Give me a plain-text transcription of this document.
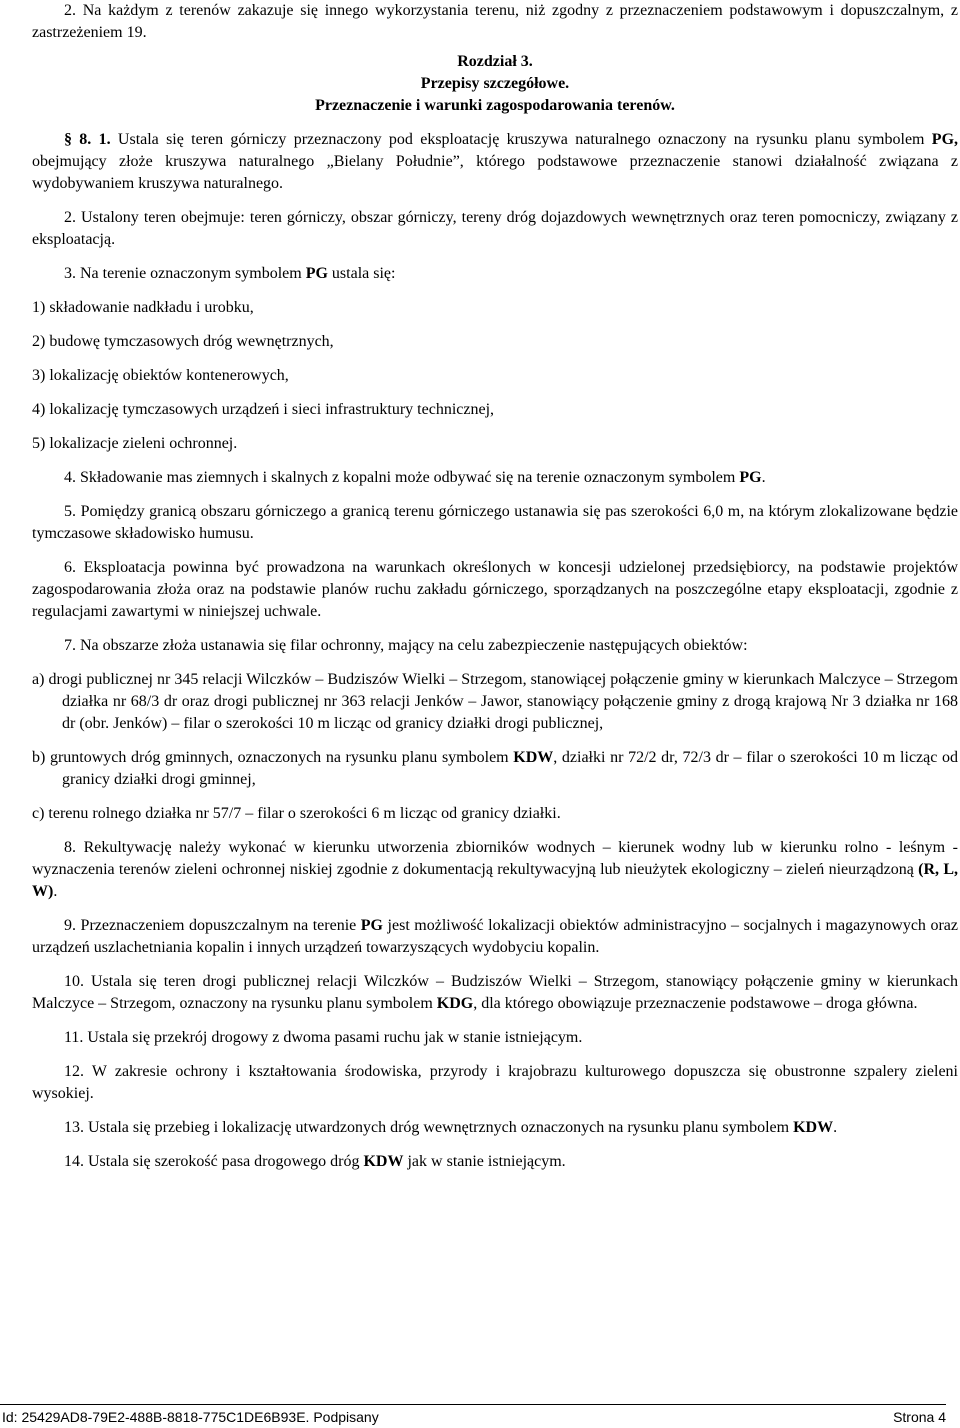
2. Na każdym z terenów zakazuje się innego wykorzystania terenu, niż zgodny z przeznaczeniem podstawowym i dopuszczalnym, z zastrzeżeniem 19.

Rozdział 3.

Przepisy szczegółowe.

Przeznaczenie i warunki zagospodarowania terenów.

§ 8. 1. Ustala się teren górniczy przeznaczony pod eksploatację kruszywa naturalnego oznaczony na rysunku planu symbolem PG, obejmujący złoże kruszywa naturalnego „Bielany Południe”, którego podstawowe przeznaczenie stanowi działalność związana z wydobywaniem kruszywa naturalnego.

2. Ustalony teren obejmuje: teren górniczy, obszar górniczy, tereny dróg dojazdowych wewnętrznych oraz teren pomocniczy, związany z eksploatacją.

3. Na terenie oznaczonym symbolem PG ustala się:

1) składowanie nadkładu i urobku,

2) budowę tymczasowych dróg wewnętrznych,

3) lokalizację obiektów kontenerowych,

4) lokalizację tymczasowych urządzeń i sieci infrastruktury technicznej,

5) lokalizacje zieleni ochronnej.

4. Składowanie mas ziemnych i skalnych z kopalni może odbywać się na terenie oznaczonym symbolem PG.

5. Pomiędzy granicą obszaru górniczego a granicą terenu górniczego ustanawia się pas szerokości 6,0 m, na którym zlokalizowane będzie tymczasowe składowisko humusu.

6. Eksploatacja powinna być prowadzona na warunkach określonych w koncesji udzielonej przedsiębiorcy, na podstawie projektów zagospodarowania złoża oraz na podstawie planów ruchu zakładu górniczego, sporządzanych na poszczególne etapy eksploatacji, zgodnie z regulacjami zawartymi w niniejszej uchwale.

7. Na obszarze złoża ustanawia się filar ochronny, mający na celu zabezpieczenie następujących obiektów:

a) drogi publicznej nr 345 relacji Wilczków – Budziszów Wielki – Strzegom, stanowiącej połączenie gminy w kierunkach Malczyce – Strzegom działka nr 68/3 dr oraz drogi publicznej nr 363 relacji Jenków – Jawor, stanowiący połączenie gminy z drogą krajową Nr 3 działka nr 168 dr (obr. Jenków) – filar o szerokości 10 m licząc od granicy działki drogi publicznej,

b) gruntowych dróg gminnych, oznaczonych na rysunku planu symbolem KDW, działki nr 72/2 dr, 72/3 dr – filar o szerokości 10 m licząc od granicy działki drogi gminnej,

c) terenu rolnego działka nr 57/7 – filar o szerokości 6 m licząc od granicy działki.

8. Rekultywację należy wykonać w kierunku utworzenia zbiorników wodnych – kierunek wodny lub w kierunku rolno - leśnym - wyznaczenia terenów zieleni ochronnej niskiej zgodnie z dokumentacją rekultywacyjną lub nieużytek ekologiczny – zieleń nieurządzoną (R, L, W).

9. Przeznaczeniem dopuszczalnym na terenie PG jest możliwość lokalizacji obiektów administracyjno – socjalnych i magazynowych oraz urządzeń uszlachetniania kopalin i innych urządzeń towarzyszących wydobyciu kopalin.

10. Ustala się teren drogi publicznej relacji Wilczków – Budziszów Wielki – Strzegom, stanowiący połączenie gminy w kierunkach Malczyce – Strzegom, oznaczony na rysunku planu symbolem KDG, dla którego obowiązuje przeznaczenie podstawowe – droga główna.

11. Ustala się przekrój drogowy z dwoma pasami ruchu jak w stanie istniejącym.

12. W zakresie ochrony i kształtowania środowiska, przyrody i krajobrazu kulturowego dopuszcza się obustronne szpalery zieleni wysokiej.

13. Ustala się przebieg i lokalizację utwardzonych dróg wewnętrznych oznaczonych na rysunku planu symbolem KDW.

14. Ustala się szerokość pasa drogowego dróg KDW jak w stanie istniejącym.

Id: 25429AD8-79E2-488B-8818-775C1DE6B93E. Podpisany	Strona 4
